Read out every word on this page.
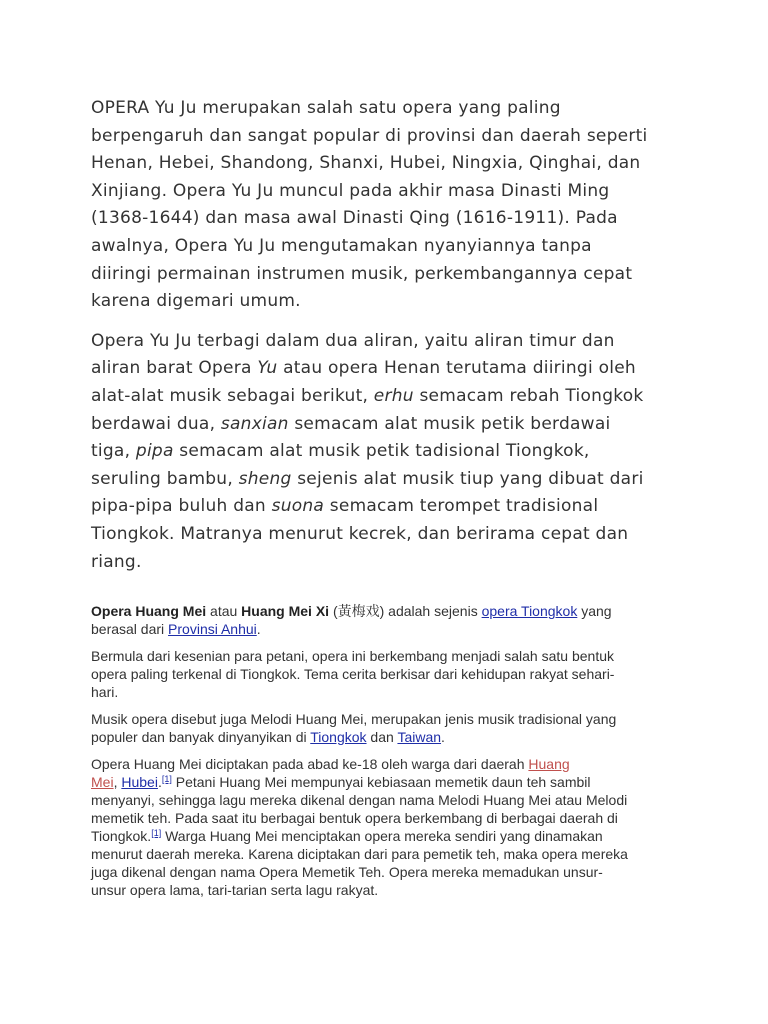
OPERA Yu Ju merupakan salah satu opera yang paling
berpengaruh dan sangat popular di provinsi dan daerah seperti
Henan, Hebei, Shandong, Shanxi, Hubei, Ningxia, Qinghai, dan
Xinjiang. Opera Yu Ju muncul pada akhir masa Dinasti Ming
(1368-1644) dan masa awal Dinasti Qing (1616-1911). Pada
awalnya, Opera Yu Ju mengutamakan nyanyiannya tanpa
diiringi permainan instrumen musik, perkembangannya cepat
karena digemari umum.

Opera Yu Ju terbagi dalam dua aliran, yaitu aliran timur dan
aliran barat Opera Yu atau opera Henan terutama diiringi oleh
alat-alat musik sebagai berikut, erhu semacam rebah Tiongkok
berdawai dua, sanxian semacam alat musik petik berdawai
tiga, pipa semacam alat musik petik tadisional Tiongkok,
seruling bambu, sheng sejenis alat musik tiup yang dibuat dari
pipa-pipa buluh dan suona semacam terompet tradisional
Tiongkok. Matranya menurut kecrek, dan berirama cepat dan
riang.

Opera Huang Mei atau Huang Mei Xi (黃梅戏) adalah sejenis opera Tiongkok yang
berasal dari Provinsi Anhui.

Bermula dari kesenian para petani, opera ini berkembang menjadi salah satu bentuk
opera paling terkenal di Tiongkok. Tema cerita berkisar dari kehidupan rakyat sehari-
hari.

Musik opera disebut juga Melodi Huang Mei, merupakan jenis musik tradisional yang
populer dan banyak dinyanyikan di Tiongkok dan Taiwan.

Opera Huang Mei diciptakan pada abad ke-18 oleh warga dari daerah Huang
Mei, Hubei.[1] Petani Huang Mei mempunyai kebiasaan memetik daun teh sambil
menyanyi, sehingga lagu mereka dikenal dengan nama Melodi Huang Mei atau Melodi
memetik teh. Pada saat itu berbagai bentuk opera berkembang di berbagai daerah di
Tiongkok.[1] Warga Huang Mei menciptakan opera mereka sendiri yang dinamakan
menurut daerah mereka. Karena diciptakan dari para pemetik teh, maka opera mereka
juga dikenal dengan nama Opera Memetik Teh. Opera mereka memadukan unsur-
unsur opera lama, tari-tarian serta lagu rakyat.
